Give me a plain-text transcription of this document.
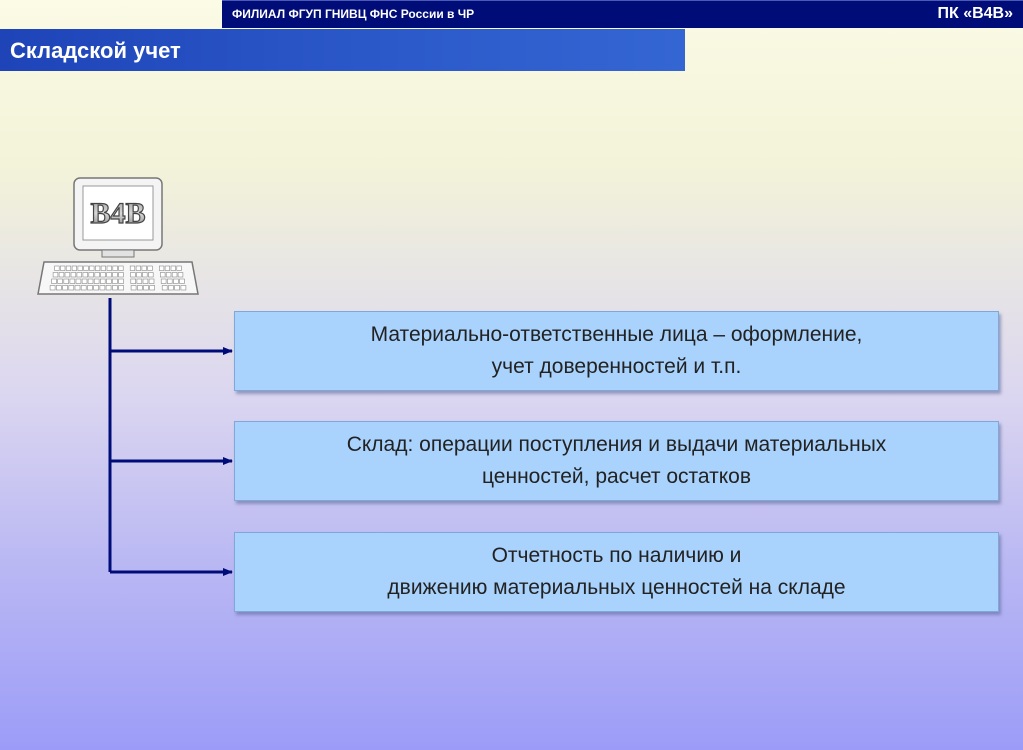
ФИЛИАЛ ФГУП ГНИВЦ ФНС России в ЧР	ПК «В4В»
Складской учет
B4B
Материально-ответственные лица – оформление,
учет доверенностей и т.п.
Склад: операции поступления и выдачи материальных
ценностей, расчет остатков
Отчетность по наличию и
движению материальных ценностей на складе
